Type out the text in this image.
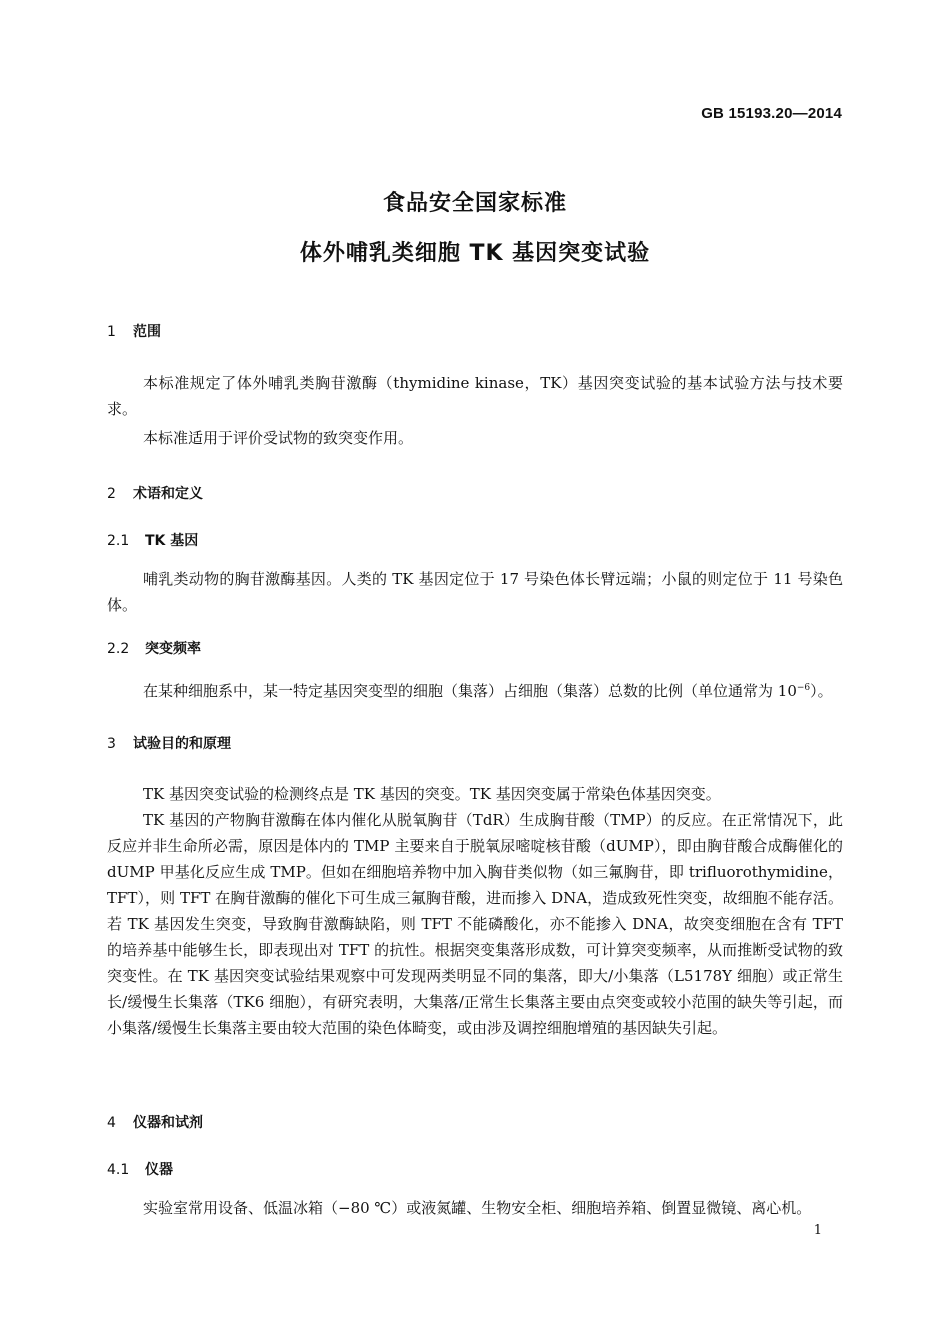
GB 15193.20—2014
食品安全国家标准
体外哺乳类细胞 TK 基因突变试验
1 范围
本标准规定了体外哺乳类胸苷激酶（thymidine kinase，TK）基因突变试验的基本试验方法与技术要求。
本标准适用于评价受试物的致突变作用。
2 术语和定义
2.1 TK 基因
哺乳类动物的胸苷激酶基因。人类的 TK 基因定位于 17 号染色体长臂远端；小鼠的则定位于 11 号染色体。
2.2 突变频率
在某种细胞系中，某一特定基因突变型的细胞（集落）占细胞（集落）总数的比例（单位通常为 $10^{-6}$）。
3 试验目的和原理
TK 基因突变试验的检测终点是 TK 基因的突变。TK 基因突变属于常染色体基因突变。
TK 基因的产物胸苷激酶在体内催化从脱氧胸苷（TdR）生成胸苷酸（TMP）的反应。在正常情况下，此反应并非生命所必需，原因是体内的 TMP 主要来自于脱氧尿嘧啶核苷酸（dUMP），即由胸苷酸合成酶催化的 dUMP 甲基化反应生成 TMP。但如在细胞培养物中加入胸苷类似物（如三氟胸苷，即 trifluorothymidine，TFT），则 TFT 在胸苷激酶的催化下可生成三氟胸苷酸，进而掺入 DNA，造成致死性突变，故细胞不能存活。若 TK 基因发生突变，导致胸苷激酶缺陷，则 TFT 不能磷酸化，亦不能掺入 DNA，故突变细胞在含有 TFT 的培养基中能够生长，即表现出对 TFT 的抗性。根据突变集落形成数，可计算突变频率，从而推断受试物的致突变性。在 TK 基因突变试验结果观察中可发现两类明显不同的集落，即大/小集落（L5178Y 细胞）或正常生长/缓慢生长集落（TK6 细胞），有研究表明，大集落/正常生长集落主要由点突变或较小范围的缺失等引起，而小集落/缓慢生长集落主要由较大范围的染色体畸变，或由涉及调控细胞增殖的基因缺失引起。
4 仪器和试剂
4.1 仪器
实验室常用设备、低温冰箱（−80 ℃）或液氮罐、生物安全柜、细胞培养箱、倒置显微镜、离心机。
1
